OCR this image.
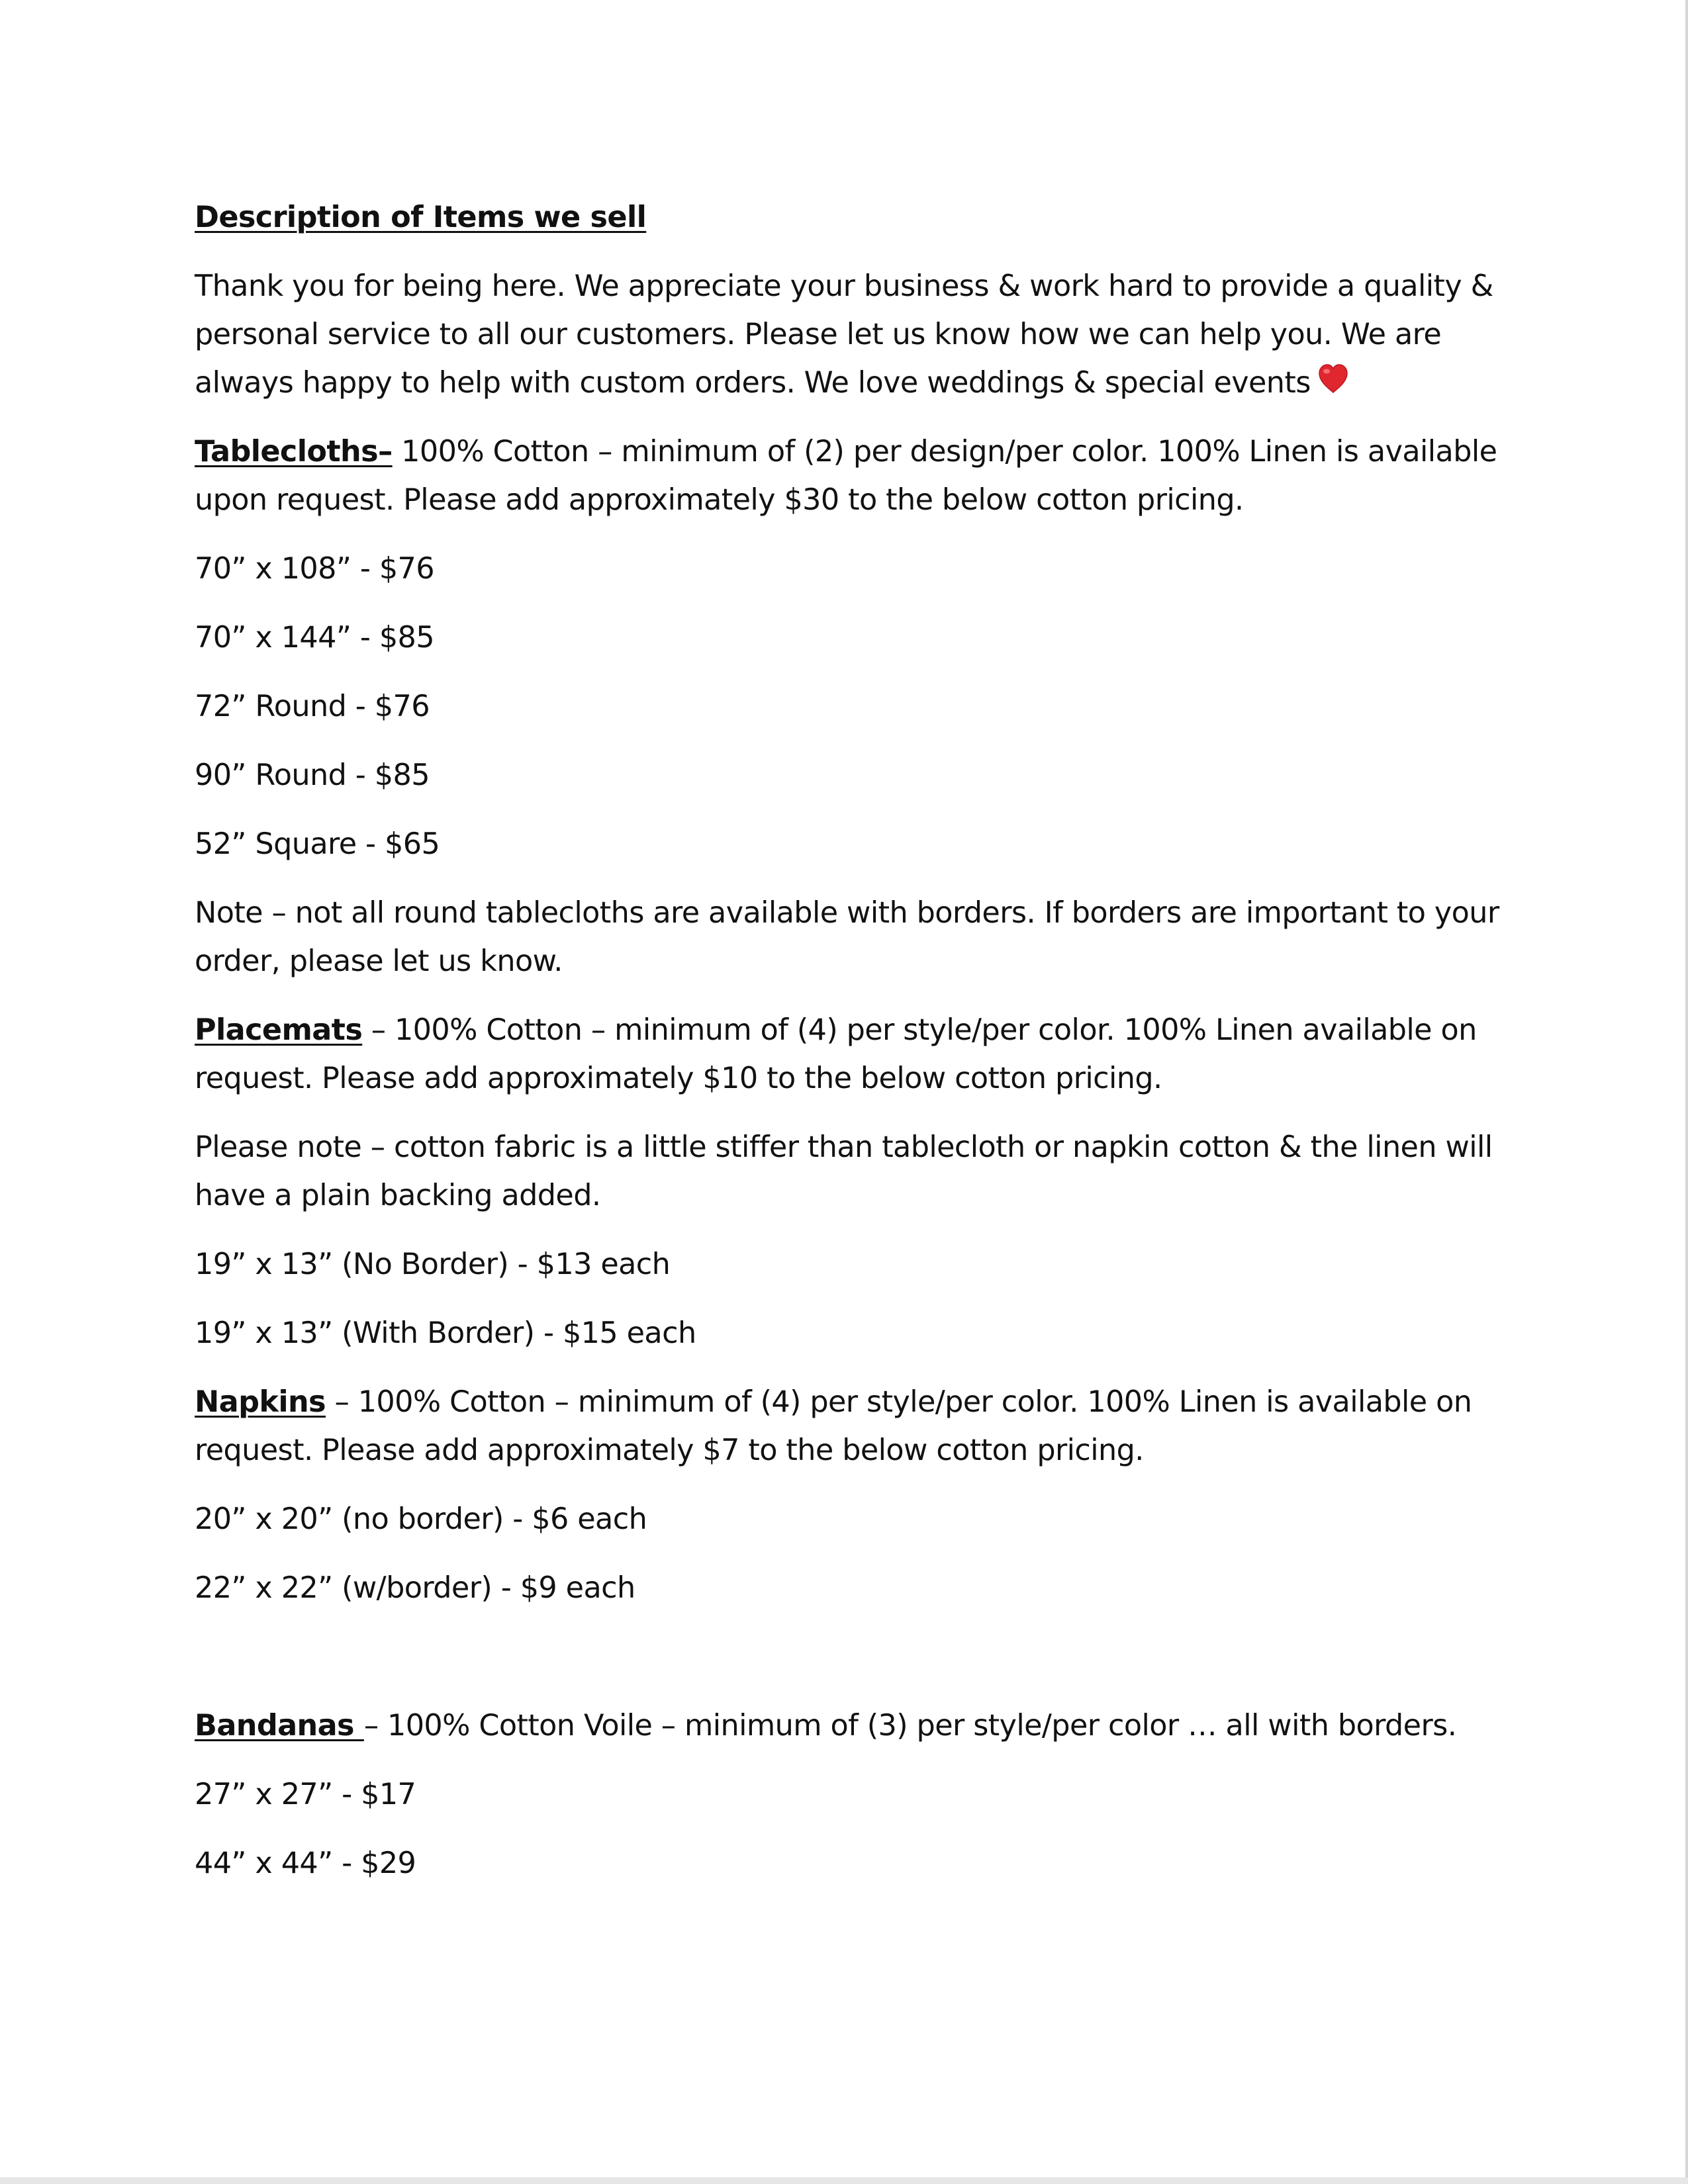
Description of Items we sell

Thank you for being here. We appreciate your business & work hard to provide a quality & personal service to all our customers. Please let us know how we can help you. We are always happy to help with custom orders. We love weddings & special events

Tablecloths– 100% Cotton – minimum of (2) per design/per color. 100% Linen is available upon request. Please add approximately $30 to the below cotton pricing.

70” x 108” - $76

70” x 144” - $85

72” Round - $76

90” Round - $85

52” Square - $65

Note – not all round tablecloths are available with borders. If borders are important to your order, please let us know.

Placemats – 100% Cotton – minimum of (4) per style/per color. 100% Linen available on request. Please add approximately $10 to the below cotton pricing.

Please note – cotton fabric is a little stiffer than tablecloth or napkin cotton & the linen will have a plain backing added.

19” x 13” (No Border) - $13 each

19” x 13” (With Border) - $15 each

Napkins – 100% Cotton – minimum of (4) per style/per color. 100% Linen is available on request. Please add approximately $7 to the below cotton pricing.

20” x 20” (no border) - $6 each

22” x 22” (w/border) - $9 each

Bandanas – 100% Cotton Voile – minimum of (3) per style/per color … all with borders.

27” x 27” - $17

44” x 44” - $29
